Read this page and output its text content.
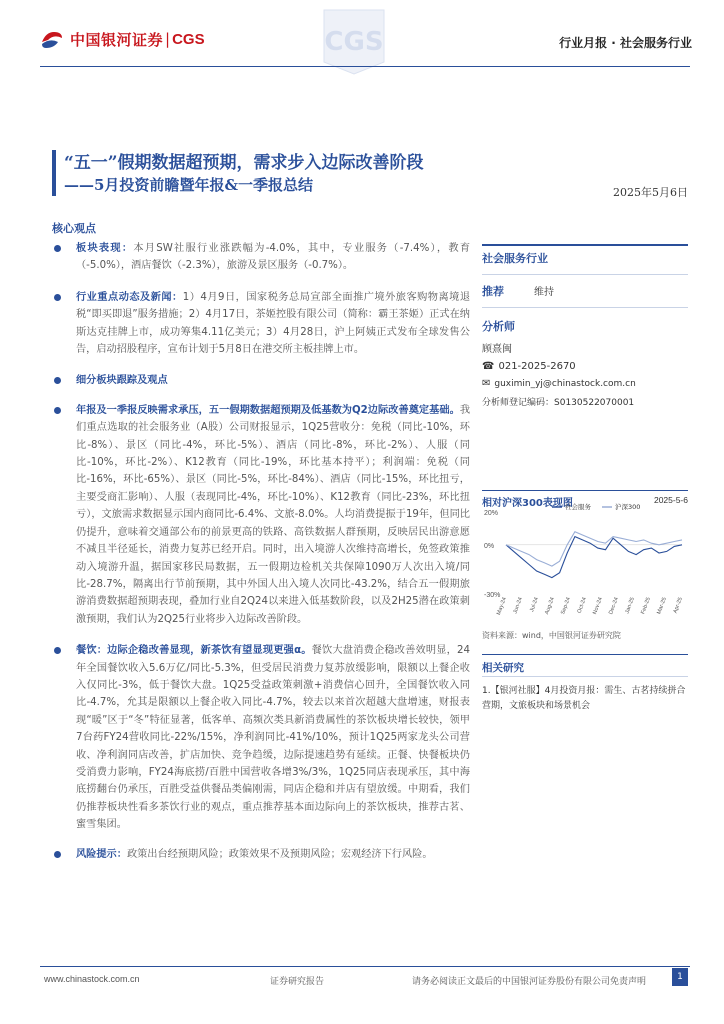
中国银河证券 | CGS	CGS	行业月报 · 社会服务行业
“五一”假期数据超预期，需求步入边际改善阶段
——5月投资前瞻暨年报&一季报总结	2025年5月6日
核心观点
板块表现：本月SW社服行业涨跌幅为-4.0%，其中，专业服务（-7.4%），教育（-5.0%），酒店餐饮（-2.3%），旅游及景区服务（-0.7%）。
行业重点动态及新闻：1）4月9日，国家税务总局宣部全面推广境外旅客购物离境退税“即买即退”服务措施；2）4月17日，茶姬控股有限公司（简称：霸王茶姬）正式在纳斯达克挂牌上市，成功筹集4.11亿美元；3）4月28日，沪上阿姨正式发布全球发售公告，启动招股程序，宣布计划于5月8日在港交所主板挂牌上市。
细分板块跟踪及观点
年报及一季报反映需求承压，五一假期数据超预期及低基数为Q2边际改善奠定基础。我们重点选取的社会服务业（A股）公司财报显示，1Q25营收分：免税（同比-10%，环比-8%）、景区（同比-4%，环比-5%）、酒店（同比-8%，环比-2%）、人服（同比-10%，环比-2%）、K12教育（同比-19%，环比基本持平）；利润端：免税（同比-16%，环比-65%）、景区（同比-5%，环比-84%）、酒店（同比-15%，环比扭亏，主要受商汇影响）、人服（表现同比-4%，环比-10%）、K12教育（同比-23%，环比扭亏），文旅需求数据显示国内商同比-6.4%、文旅-8.0%。人均消费提振于19年，但同比仍提升，意味着交通部公布的前景更高的铁路、高铁数据人群预期，反映居民出游意愿不减且半径延长，消费力复苏已经开启。同时，出入境游人次维持高增长，免签政策推动入境游升温，据国家移民局数据，五一假期边检机关共保障1090万人次出入境/同比-28.7%，隔离出行节前预期，其中外国人出入境人次同比-43.2%，结合五一假期旅游消费数据超预期表现，叠加行业自2Q24以来进入低基数阶段，以及2H25潜在政策刺激预期，我们认为2Q25行业将步入边际改善阶段。
餐饮：边际企稳改善显现，新茶饮有望显现更强α。餐饮大盘消费企稳改善效明显，24年全国餐饮收入5.6万亿/同比-5.3%，但受居民消费力复苏放缓影响，限额以上餐企收入仅同比-3%，低于餐饮大盘。1Q25受益政策刺激+消费信心回升，全国餐饮收入同比-4.7%，允其是限额以上餐企收入同比-4.7%，较去以来首次超越大盘增速，财报表现“暖”区于“冬”特征显著，低客单、高频次类具新消费属性的茶饮板块增长较快，领甲7台药FY24营收同比-22%/15%，净利润同比-41%/10%，预计1Q25两家龙头公司营收、净利润同店改善，扩店加快、竞争趋缓，边际提速趋势有延续。正餐、快餐板块仍受消费力影响，FY24海底捞/百胜中国营收各增3%/3%，1Q25同店表现承压，其中海底捞翻台仍承压，百胜受益供餐品类偏刚需，同店企稳和并店有望放缓。中期看，我们仍推荐板块性看多茶饮行业的观点，重点推荐基本面边际向上的茶饮板块，推荐古茗、蜜雪集团。
风险提示：政策出台经预期风险；政策效果不及预期风险；宏观经济下行风险。
社会服务行业
推荐	维持
分析师
顾熹闽
☎ 021-2025-2670
✉ guximin_yj@chinastock.com.cn
分析师登记编码：S0130522070001
相对沪深300表现图	2025-5-6
20%
0%
-30%
社会服务	沪深300
May-24 Jun-24 Jul-24 Aug-24 Sep-24 Oct-24 Nov-24 Dec-24 Jan-25 Feb-25 Mar-25 Apr-25
资料来源：wind，中国银河证券研究院
相关研究
1.【银河社服】4月投资月报：需生、古茗持续拼合营期，文旅板块和场景机会
www.chinastock.com.cn	证券研究报告	请务必阅读正文最后的中国银河证券股份有限公司免责声明	1
